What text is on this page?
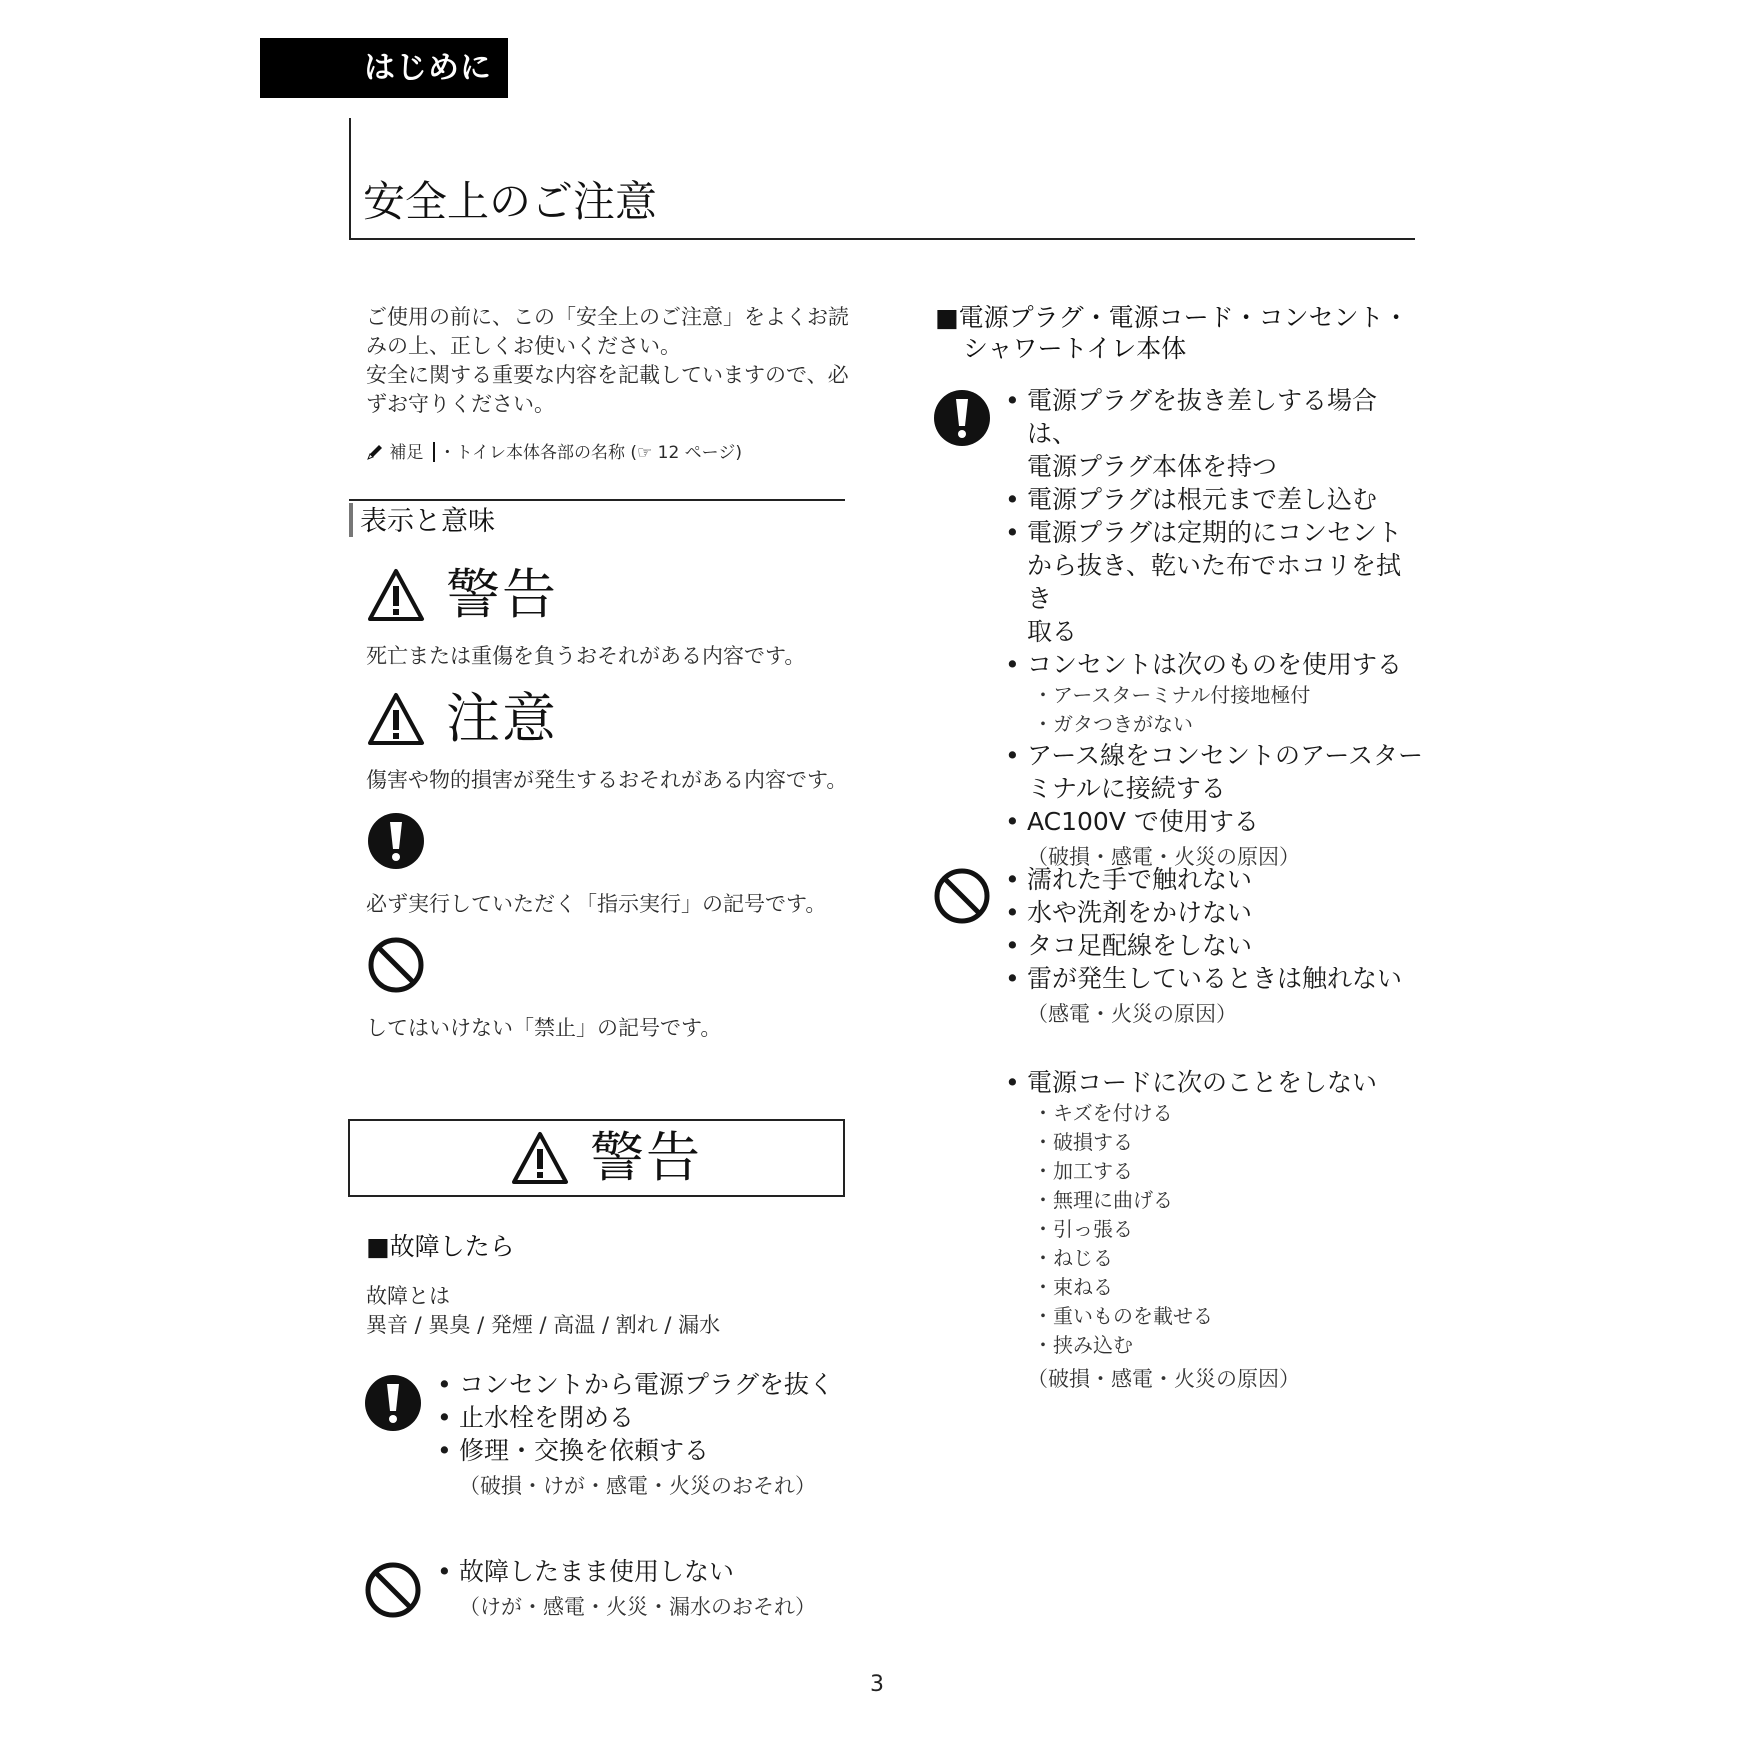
はじめに
安全上のご注意
ご使用の前に、この「安全上のご注意」をよくお読
みの上、正しくお使いください。
安全に関する重要な内容を記載していますので、必
ずお守りください。
補足 ・トイレ本体各部の名称 (☞ 12 ページ)
表示と意味
警告
死亡または重傷を負うおそれがある内容です。
注意
傷害や物的損害が発生するおそれがある内容です。
必ず実行していただく「指示実行」の記号です。
してはいけない「禁止」の記号です。
警告
■故障したら
故障とは
異音 / 異臭 / 発煙 / 高温 / 割れ / 漏水
• コンセントから電源プラグを抜く
• 止水栓を閉める
• 修理・交換を依頼する
（破損・けが・感電・火災のおそれ）
• 故障したまま使用しない
（けが・感電・火災・漏水のおそれ）
■電源プラグ・電源コード・コンセント・
シャワートイレ本体
• 電源プラグを抜き差しする場合は、
電源プラグ本体を持つ
• 電源プラグは根元まで差し込む
• 電源プラグは定期的にコンセント
から抜き、乾いた布でホコリを拭き
取る
• コンセントは次のものを使用する
・アースターミナル付接地極付
・ガタつきがない
• アース線をコンセントのアースター
ミナルに接続する
• AC100V で使用する
（破損・感電・火災の原因）
• 濡れた手で触れない
• 水や洗剤をかけない
• タコ足配線をしない
• 雷が発生しているときは触れない
（感電・火災の原因）
• 電源コードに次のことをしない
・キズを付ける
・破損する
・加工する
・無理に曲げる
・引っ張る
・ねじる
・束ねる
・重いものを載せる
・挟み込む
（破損・感電・火災の原因）
3
